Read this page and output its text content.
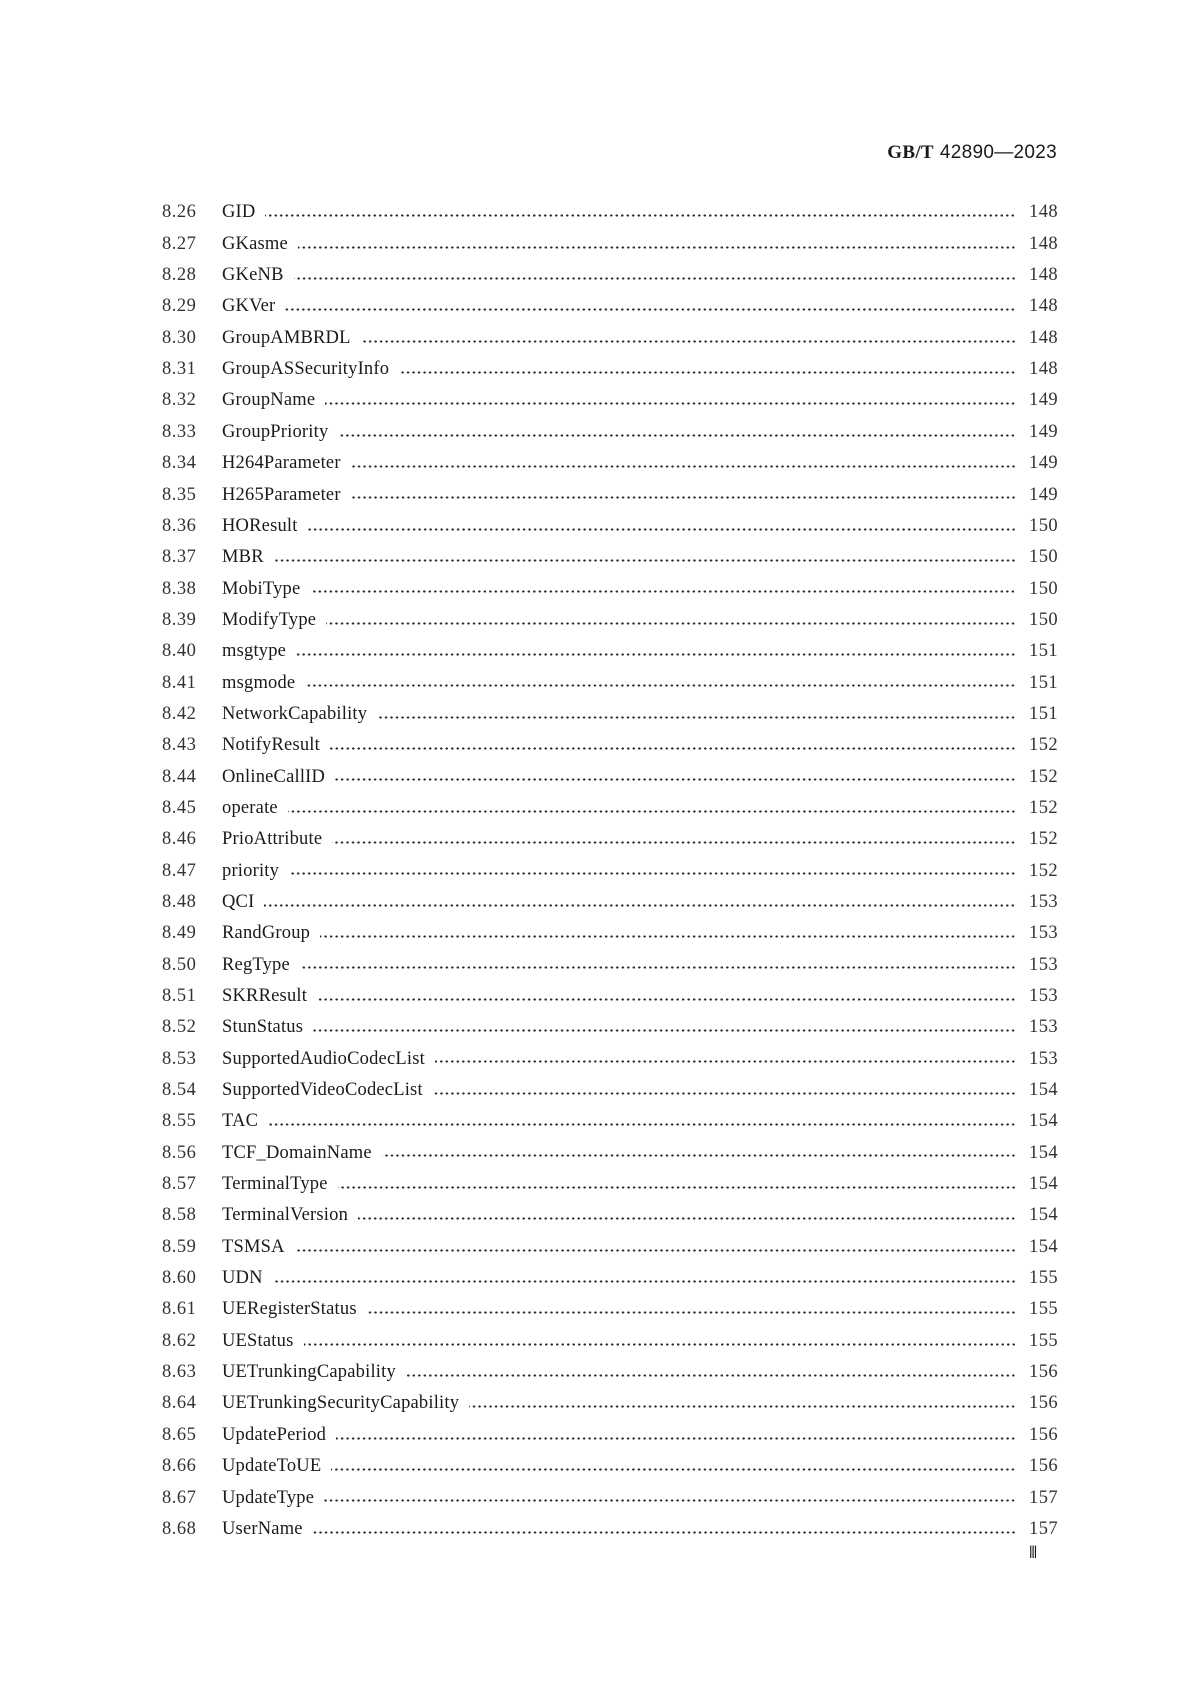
GB/T 42890—2023
8.26	GID	148
8.27	GKasme	148
8.28	GKeNB	148
8.29	GKVer	148
8.30	GroupAMBRDL	148
8.31	GroupASSecurityInfo	148
8.32	GroupName	149
8.33	GroupPriority	149
8.34	H264Parameter	149
8.35	H265Parameter	149
8.36	HOResult	150
8.37	MBR	150
8.38	MobiType	150
8.39	ModifyType	150
8.40	msgtype	151
8.41	msgmode	151
8.42	NetworkCapability	151
8.43	NotifyResult	152
8.44	OnlineCallID	152
8.45	operate	152
8.46	PrioAttribute	152
8.47	priority	152
8.48	QCI	153
8.49	RandGroup	153
8.50	RegType	153
8.51	SKRResult	153
8.52	StunStatus	153
8.53	SupportedAudioCodecList	153
8.54	SupportedVideoCodecList	154
8.55	TAC	154
8.56	TCF_DomainName	154
8.57	TerminalType	154
8.58	TerminalVersion	154
8.59	TSMSA	154
8.60	UDN	155
8.61	UERegisterStatus	155
8.62	UEStatus	155
8.63	UETrunkingCapability	156
8.64	UETrunkingSecurityCapability	156
8.65	UpdatePeriod	156
8.66	UpdateToUE	156
8.67	UpdateType	157
8.68	UserName	157
Ⅲ
